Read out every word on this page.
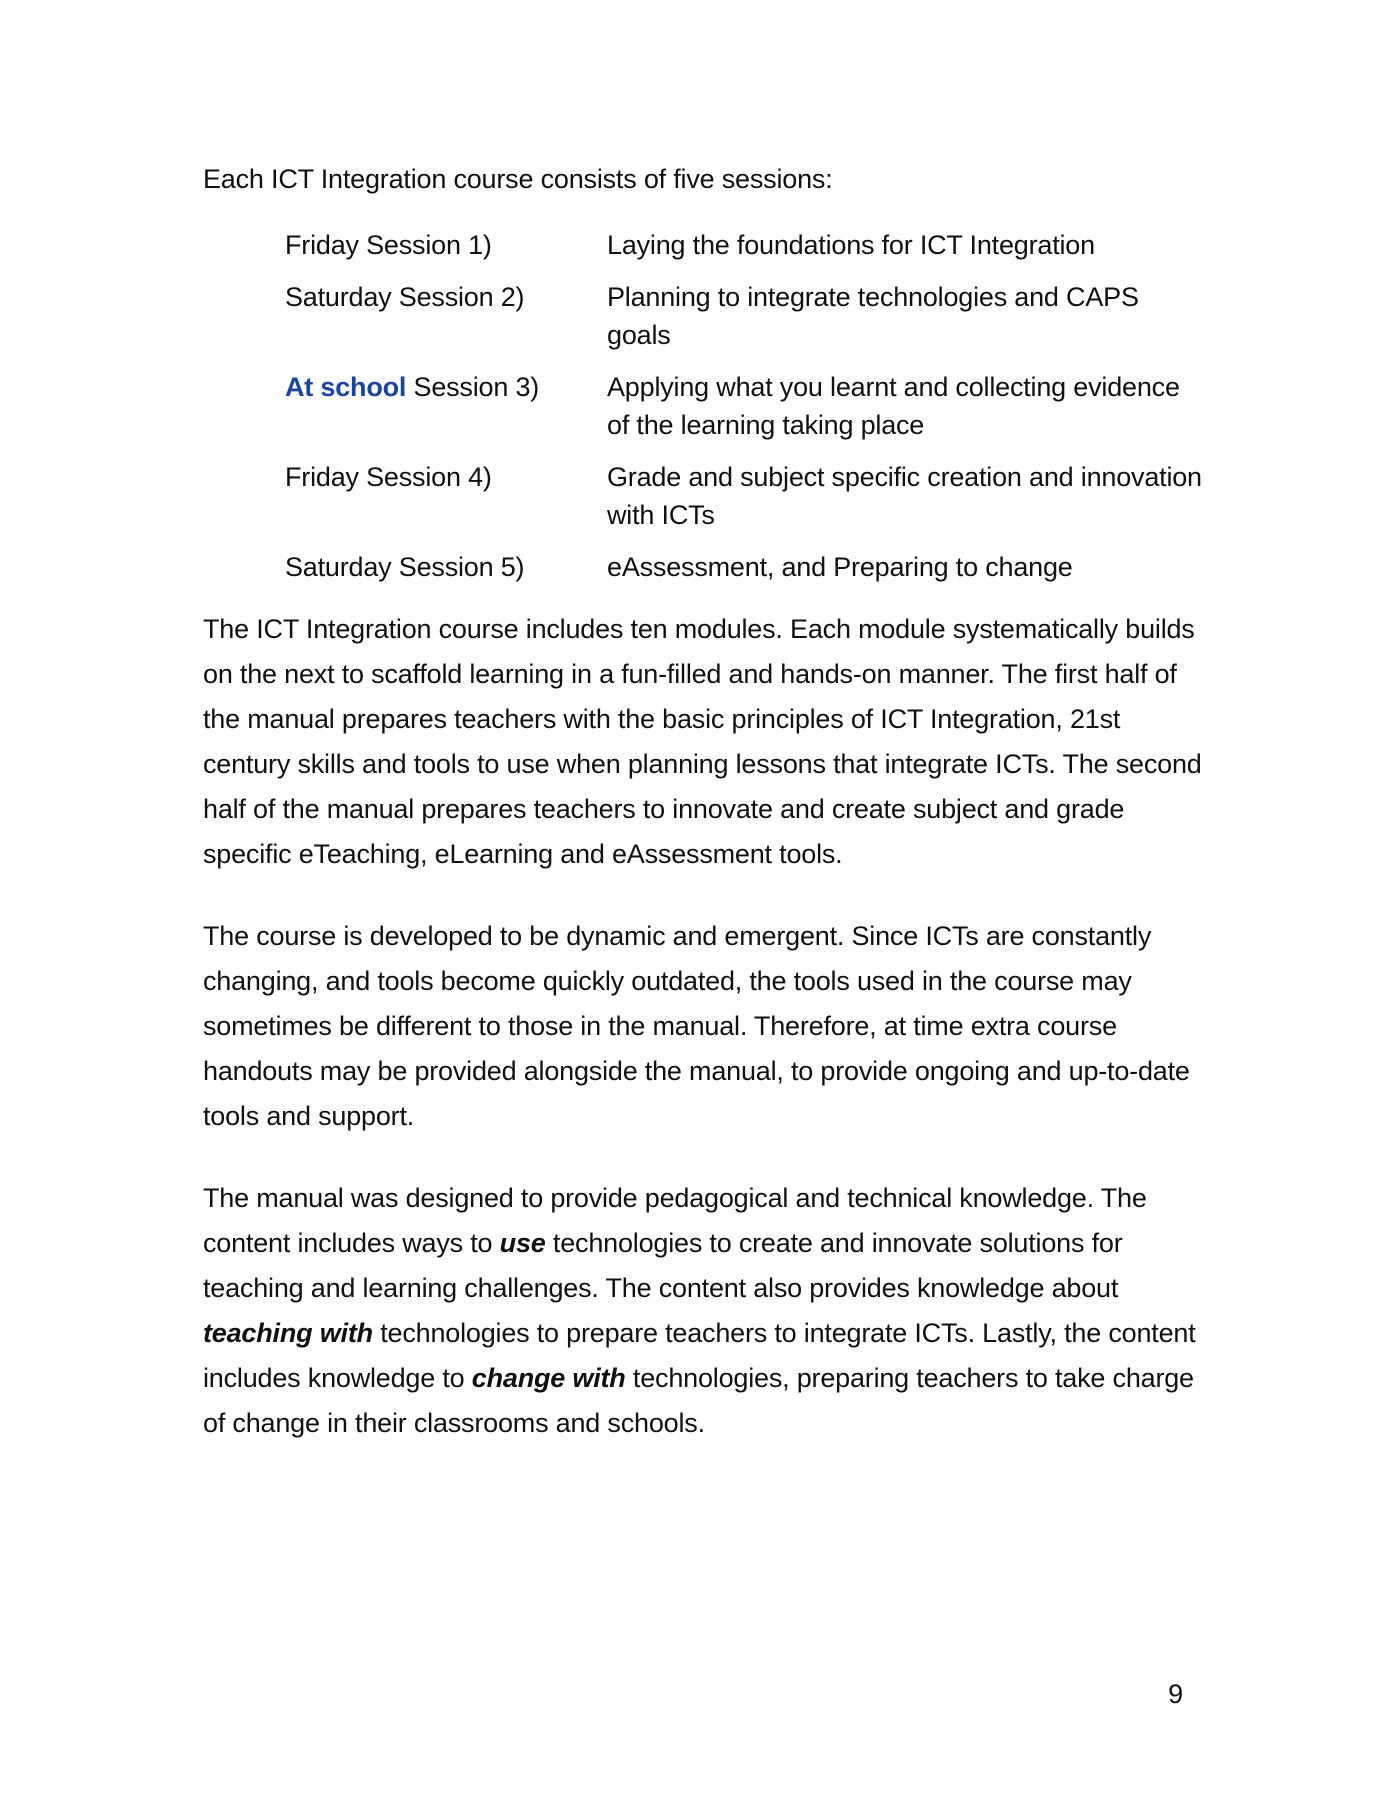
Each ICT Integration course consists of five sessions:

Friday Session 1)	Laying the foundations for ICT Integration
Saturday Session 2)	Planning to integrate technologies and CAPS goals
At school Session 3)	Applying what you learnt and collecting evidence of the learning taking place
Friday Session 4)	Grade and subject specific creation and innovation with ICTs
Saturday Session 5)	eAssessment, and Preparing to change

The ICT Integration course includes ten modules. Each module systematically builds on the next to scaffold learning in a fun-filled and hands-on manner. The first half of the manual prepares teachers with the basic principles of ICT Integration, 21st century skills and tools to use when planning lessons that integrate ICTs. The second half of the manual prepares teachers to innovate and create subject and grade specific eTeaching, eLearning and eAssessment tools.

The course is developed to be dynamic and emergent. Since ICTs are constantly changing, and tools become quickly outdated, the tools used in the course may sometimes be different to those in the manual. Therefore, at time extra course handouts may be provided alongside the manual, to provide ongoing and up-to-date tools and support.

The manual was designed to provide pedagogical and technical knowledge. The content includes ways to use technologies to create and innovate solutions for teaching and learning challenges. The content also provides knowledge about teaching with technologies to prepare teachers to integrate ICTs. Lastly, the content includes knowledge to change with technologies, preparing teachers to take charge of change in their classrooms and schools.

9
